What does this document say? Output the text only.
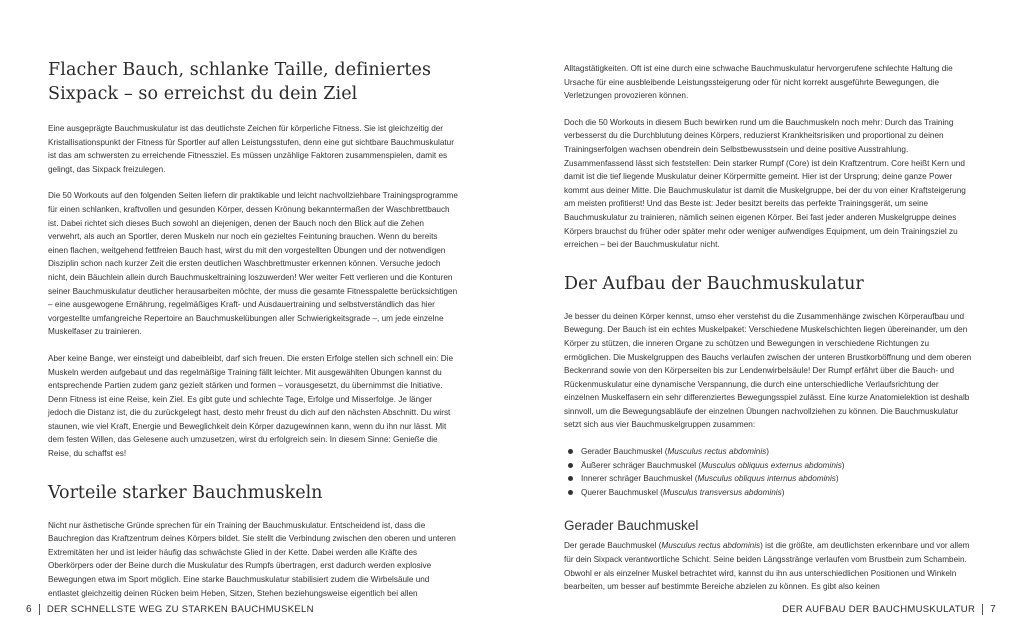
Flacher Bauch, schlanke Taille, definiertes Sixpack – so erreichst du dein Ziel

Eine ausgeprägte Bauchmuskulatur ist das deutlichste Zeichen für körperliche Fitness. Sie ist gleichzeitig der Kristallisationspunkt der Fitness für Sportler auf allen Leistungsstufen, denn eine gut sichtbare Bauchmuskulatur ist das am schwersten zu erreichende Fitnessziel. Es müssen unzählige Faktoren zusammenspielen, damit es gelingt, das Sixpack freizulegen.

Die 50 Workouts auf den folgenden Seiten liefern dir praktikable und leicht nachvollziehbare Trainingsprogramme für einen schlanken, kraftvollen und gesunden Körper, dessen Krönung bekanntermaßen der Waschbrettbauch ist. Dabei richtet sich dieses Buch sowohl an diejenigen, denen der Bauch noch den Blick auf die Zehen verwehrt, als auch an Sportler, deren Muskeln nur noch ein gezieltes Feintuning brauchen. Wenn du bereits einen flachen, weitgehend fettfreien Bauch hast, wirst du mit den vorgestellten Übungen und der notwendigen Disziplin schon nach kurzer Zeit die ersten deutlichen Waschbrettmuster erkennen können. Versuche jedoch nicht, dein Bäuchlein allein durch Bauchmuskeltraining loszuwerden! Wer weiter Fett verlieren und die Konturen seiner Bauchmuskulatur deutlicher herausarbeiten möchte, der muss die gesamte Fitnesspalette berücksichtigen – eine ausgewogene Ernährung, regelmäßiges Kraft- und Ausdauertraining und selbstverständlich das hier vorgestellte umfangreiche Repertoire an Bauchmuskelübungen aller Schwierigkeitsgrade –, um jede einzelne Muskelfaser zu trainieren.

Aber keine Bange, wer einsteigt und dabeibleibt, darf sich freuen. Die ersten Erfolge stellen sich schnell ein: Die Muskeln werden aufgebaut und das regelmäßige Training fällt leichter. Mit ausgewählten Übungen kannst du entsprechende Partien zudem ganz gezielt stärken und formen – vorausgesetzt, du übernimmst die Initiative. Denn Fitness ist eine Reise, kein Ziel. Es gibt gute und schlechte Tage, Erfolge und Misserfolge. Je länger jedoch die Distanz ist, die du zurückgelegt hast, desto mehr freust du dich auf den nächsten Abschnitt. Du wirst staunen, wie viel Kraft, Energie und Beweglichkeit dein Körper dazugewinnen kann, wenn du ihn nur lässt. Mit dem festen Willen, das Gelesene auch umzusetzen, wirst du erfolgreich sein. In diesem Sinne: Genieße die Reise, du schaffst es!

Vorteile starker Bauchmuskeln

Nicht nur ästhetische Gründe sprechen für ein Training der Bauchmuskulatur. Entscheidend ist, dass die Bauchregion das Kraftzentrum deines Körpers bildet. Sie stellt die Verbindung zwischen den oberen und unteren Extremitäten her und ist leider häufig das schwächste Glied in der Kette. Dabei werden alle Kräfte des Oberkörpers oder der Beine durch die Muskulatur des Rumpfs übertragen, erst dadurch werden explosive Bewegungen etwa im Sport möglich. Eine starke Bauchmuskulatur stabilisiert zudem die Wirbelsäule und entlastet gleichzeitig deinen Rücken beim Heben, Sitzen, Stehen beziehungsweise eigentlich bei allen

6 DER SCHNELLSTE WEG ZU STARKEN BAUCHMUSKELN

Alltagstätigkeiten. Oft ist eine durch eine schwache Bauchmuskulatur hervorgerufene schlechte Haltung die Ursache für eine ausbleibende Leistungssteigerung oder für nicht korrekt ausgeführte Bewegungen, die Verletzungen provozieren können.

Doch die 50 Workouts in diesem Buch bewirken rund um die Bauchmuskeln noch mehr: Durch das Training verbesserst du die Durchblutung deines Körpers, reduzierst Krankheitsrisiken und proportional zu deinen Trainingserfolgen wachsen obendrein dein Selbstbewusstsein und deine positive Ausstrahlung. Zusammenfassend lässt sich feststellen: Dein starker Rumpf (Core) ist dein Kraftzentrum. Core heißt Kern und damit ist die tief liegende Muskulatur deiner Körpermitte gemeint. Hier ist der Ursprung; deine ganze Power kommt aus deiner Mitte. Die Bauchmuskulatur ist damit die Muskelgruppe, bei der du von einer Kraftsteigerung am meisten profitierst! Und das Beste ist: Jeder besitzt bereits das perfekte Trainingsgerät, um seine Bauchmuskulatur zu trainieren, nämlich seinen eigenen Körper. Bei fast jeder anderen Muskelgruppe deines Körpers brauchst du früher oder später mehr oder weniger aufwendiges Equipment, um dein Trainingsziel zu erreichen – bei der Bauchmuskulatur nicht.

Der Aufbau der Bauchmuskulatur

Je besser du deinen Körper kennst, umso eher verstehst du die Zusammenhänge zwischen Körperaufbau und Bewegung. Der Bauch ist ein echtes Muskelpaket: Verschiedene Muskelschichten liegen übereinander, um den Körper zu stützen, die inneren Organe zu schützen und Bewegungen in verschiedene Richtungen zu ermöglichen. Die Muskelgruppen des Bauchs verlaufen zwischen der unteren Brustkorböffnung und dem oberen Beckenrand sowie von den Körperseiten bis zur Lendenwirbelsäule! Der Rumpf erfährt über die Bauch- und Rückenmuskulatur eine dynamische Verspannung, die durch eine unterschiedliche Verlaufsrichtung der einzelnen Muskelfasern ein sehr differenziertes Bewegungsspiel zulässt. Eine kurze Anatomielektion ist deshalb sinnvoll, um die Bewegungsabläufe der einzelnen Übungen nachvollziehen zu können. Die Bauchmuskulatur setzt sich aus vier Bauchmuskelgruppen zusammen:

Gerader Bauchmuskel (Musculus rectus abdominis)
Äußerer schräger Bauchmuskel (Musculus obliquus externus abdominis)
Innerer schräger Bauchmuskel (Musculus obliquus internus abdominis)
Querer Bauchmuskel (Musculus transversus abdominis)
Gerader Bauchmuskel

Der gerade Bauchmuskel (Musculus rectus abdominis) ist die größte, am deutlichsten erkennbare und vor allem für dein Sixpack verantwortliche Schicht. Seine beiden Längsstränge verlaufen vom Brustbein zum Schambein. Obwohl er als einzelner Muskel betrachtet wird, kannst du ihn aus unterschiedlichen Positionen und Winkeln bearbeiten, um besser auf bestimmte Bereiche abzielen zu können. Es gibt also keinen

DER AUFBAU DER BAUCHMUSKULATUR 7
